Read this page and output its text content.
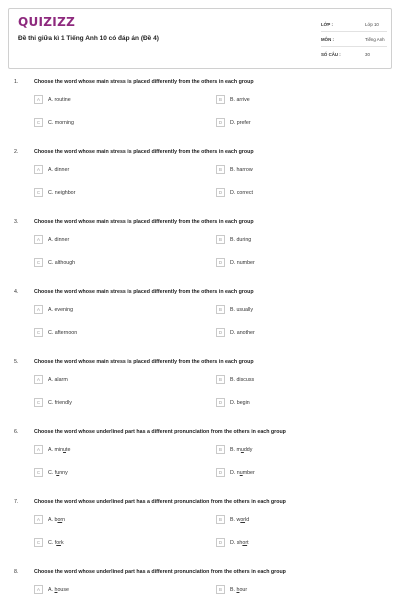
QUIZIZZ
Đề thi giữa kì 1 Tiếng Anh 10 có đáp án (Đề 4)
LỚP :	Lớp 10
MÔN :	Tiếng Anh
SỐ CÂU :	30
1.	Choose the word whose main stress is placed differently from the others in each group
A	A. routine	B	B. arrive
C	C. morning	D	D. prefer
2.	Choose the word whose main stress is placed differently from the others in each group
A	A. dinner	B	B. harrow
C	C. neighbor	D	D. correct
3.	Choose the word whose main stress is placed differently from the others in each group
A	A. dinner	B	B. during
C	C. although	D	D. number
4.	Choose the word whose main stress is placed differently from the others in each group
A	A. evening	B	B. usually
C	C. afternoon	D	D. another
5.	Choose the word whose main stress is placed differently from the others in each group
A	A. alarm	B	B. discuss
C	C. friendly	D	D. begin
6.	Choose the word whose underlined part has a different pronunciation from the others in each group
A	A. minute	B	B. muddy
C	C. funny	D	D. number
7.	Choose the word whose underlined part has a different pronunciation from the others in each group
A	A. born	B	B. world
C	C. fork	D	D. short
8.	Choose the word whose underlined part has a different pronunciation from the others in each group
A	A. house	B	B. hour
